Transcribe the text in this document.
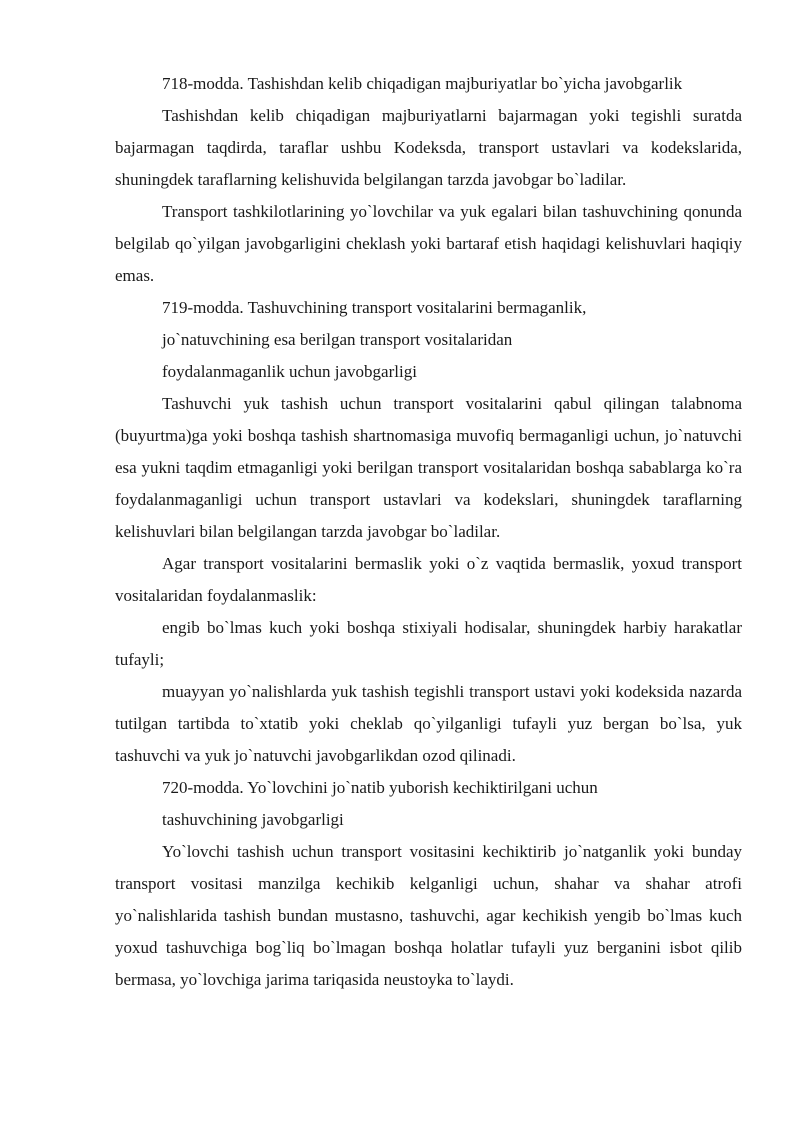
718-modda. Tashishdan kelib chiqadigan majburiyatlar bo`yicha javobgarlik

Tashishdan kelib chiqadigan majburiyatlarni bajarmagan yoki tegishli suratda bajarmagan taqdirda, taraflar ushbu Kodeksda, transport ustavlari va kodekslarida, shuningdek taraflarning kelishuvida belgilangan tarzda javobgar bo`ladilar.

Transport tashkilotlarining yo`lovchilar va yuk egalari bilan tashuvchining qonunda belgilab qo`yilgan javobgarligini cheklash yoki bartaraf etish haqidagi kelishuvlari haqiqiy emas.

719-modda. Tashuvchining transport vositalarini bermaganlik,

jo`natuvchining esa berilgan transport vositalaridan

foydalanmaganlik uchun javobgarligi

Tashuvchi yuk tashish uchun transport vositalarini qabul qilingan talabnoma (buyurtma)ga yoki boshqa tashish shartnomasiga muvofiq bermaganligi uchun, jo`natuvchi esa yukni taqdim etmaganligi yoki berilgan transport vositalaridan boshqa sabablarga ko`ra foydalanmaganligi uchun transport ustavlari va kodekslari, shuningdek taraflarning kelishuvlari bilan belgilangan tarzda javobgar bo`ladilar.

Agar transport vositalarini bermaslik yoki o`z vaqtida bermaslik, yoxud transport vositalaridan foydalanmaslik:

engib bo`lmas kuch yoki boshqa stixiyali hodisalar, shuningdek harbiy harakatlar tufayli;

muayyan yo`nalishlarda yuk tashish tegishli transport ustavi yoki kodeksida nazarda tutilgan tartibda to`xtatib yoki cheklab qo`yilganligi tufayli yuz bergan bo`lsa, yuk tashuvchi va yuk jo`natuvchi javobgarlikdan ozod qilinadi.

720-modda. Yo`lovchini jo`natib yuborish kechiktirilgani uchun

tashuvchining javobgarligi

Yo`lovchi tashish uchun transport vositasini kechiktirib jo`natganlik yoki bunday transport vositasi manzilga kechikib kelganligi uchun, shahar va shahar atrofi yo`nalishlarida tashish bundan mustasno, tashuvchi, agar kechikish yengib bo`lmas kuch yoxud tashuvchiga bog`liq bo`lmagan boshqa holatlar tufayli yuz berganini isbot qilib bermasa, yo`lovchiga jarima tariqasida neustoyka to`laydi.
